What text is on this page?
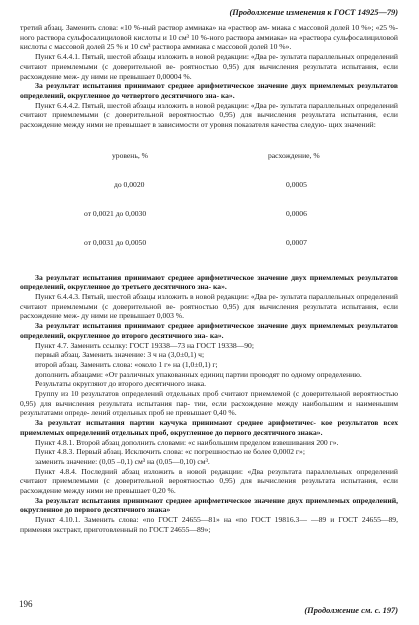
(Продолжение изменения к ГОСТ 14925—79)

третий абзац. Заменить слова: «10 %-ный раствор аммиака» на «раствор ам- миака с массовой долей 10 %»; «25 %-ного раствора сульфосалициловой кислоты и 10 см³ 10 %-ного раствора аммиака» на «раствора сульфосалициловой кислоты с массовой долей 25 % и 10 см³ раствора аммиака с массовой долей 10 %».

Пункт 6.4.4.1. Пятый, шестой абзацы изложить в новой редакции: «Два ре- зультата параллельных определений считают приемлемыми (с доверительной ве- роятностью 0,95) для вычисления результата испытания, если расхождение меж- ду ними не превышает 0,00004 %.

За результат испытания принимают среднее арифметическое значение двух приемлемых результатов определений, округленное до четвертого десятичного зна- ка».

Пункт 6.4.4.2. Пятый, шестой абзацы изложить в новой редакции: «Два ре- зультата параллельных определений считают приемлемыми (с доверительной вероятностью 0,95) для вычисления результата испытания, если расхождение между ними не превышает в зависимости от уровня показателя качества следую- щих значений:

уровень, %

до 0,0020

от 0,0021 до 0,0030

от 0,0031 до 0,0050

расхождение, %

0,0005

0,0006

0,0007

За результат испытания принимают среднее арифметическое значение двух приемлемых результатов определений, округленное до третьего десятичного зна- ка».

Пункт 6.4.4.3. Пятый, шестой абзацы изложить в новой редакции: «Два ре- зультата параллельных определений считают приемлемыми (с доверительной ве- роятностью 0,95) для вычисления результата испытания, если расхождение меж- ду ними не превышает 0,003 %.

За результат испытания принимают среднее арифметическое значение двух приемлемых результатов определений, округленное до второго десятичного зна- ка».

Пункт 4.7. Заменить ссылку: ГОСТ 19338—73 на ГОСТ 19338—90;

первый абзац. Заменить значение: 3 ч на (3,0±0,1) ч;

второй абзац. Заменить слова: «около 1 г» на (1,0±0,1) г;

дополнить абзацами: «От различных упакованных единиц партии проводят по одному определению.

Результаты округляют до второго десятичного знака.

Группу из 10 результатов определений отдельных проб считают приемлемой (с доверительной вероятностью 0,95) для вычисления результата испытания пар- тии, если расхождение между наибольшим и наименьшим результатами опреде- лений отдельных проб не превышает 0,40 %.

За результат испытания партии каучука принимают среднее арифметичес- кое результатов всех приемлемых определений отдельных проб, округленное до первого десятичного знака».

Пункт 4.8.1. Второй абзац дополнить словами: «с наибольшим пределом взвешивания 200 г».

Пункт 4.8.3. Первый абзац. Исключить слова: «с погрешностью не более 0,0002 г»;

заменить значение: (0,05 –0,1) см³ на (0,05—0,10) см³.

Пункт 4.8.4. Последний абзац изложить в новой редакции: «Два результата параллельных определений считают приемлемыми (с доверительной вероятностью 0,95) для вычисления результата испытания, если расхождение между ними не превышает 0,20 %.

За результат испытания принимают среднее арифметическое значение двух приемлемых определений, округленное до первого десятичного знака»

Пункт 4.10.1. Заменить слова: «по ГОСТ 24655—81» на «по ГОСТ 19816.3— —89 и ГОСТ 24655—89, применяя экстракт, приготовленный по ГОСТ 24655—89»;

196
(Продолжение см. с. 197)
